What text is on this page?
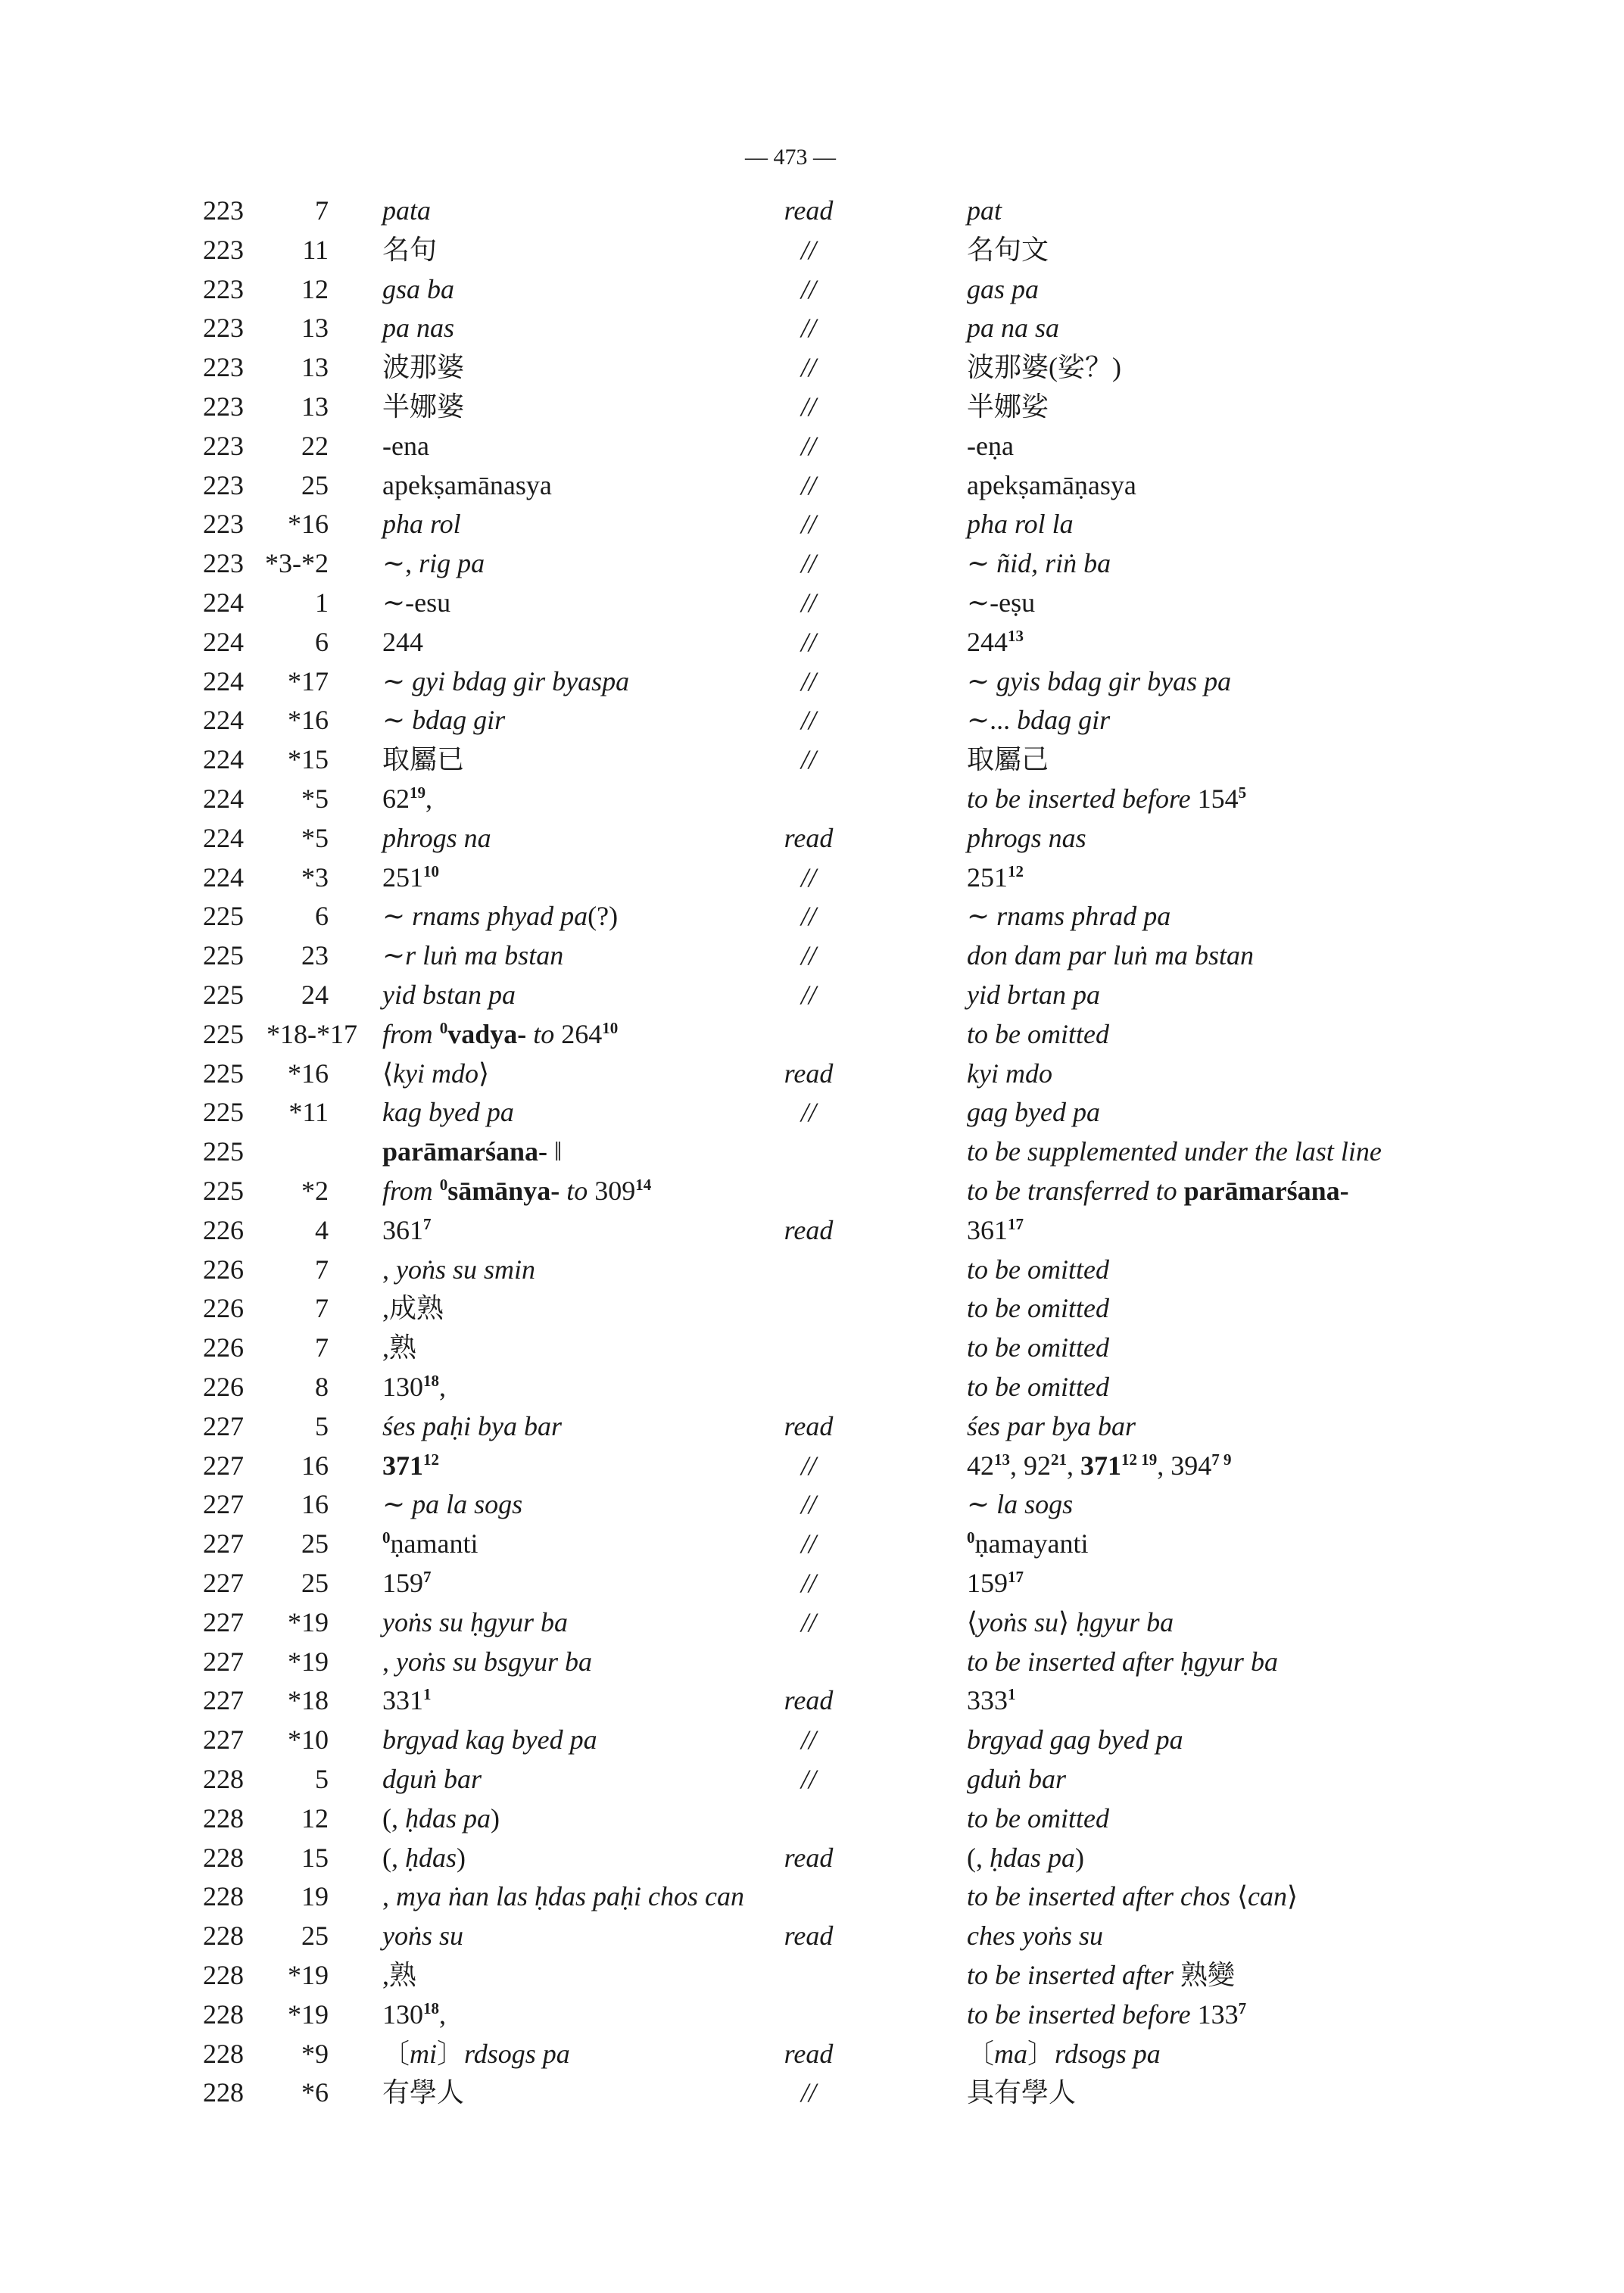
— 473 —
223	7 pata	read	pat
223 11 名句	//	名句文
223 12 gsa ba	//	gas pa
223 13 pa nas	//	pa na sa
223 13 波那婆	//	波那婆(娑？)
223 13 半娜婆	//	半娜娑
223 22 -ena	//	-eṇa
223 25 apekṣamānasya	//	apekṣamāṇasya
223 *16 pha rol	//	pha rol la
223 *3-*2 ∼, rig pa	//	∼ ñid, riṅ ba
224	1 ∼-esu	//	∼-eṣu
224	6 244	//	$244^{13}$
224 *17 ∼ gyi bdag gir byaspa	//	∼ gyis bdag gir byas pa
224 *16 ∼ bdag gir	//	∼... bdag gir
224 *15 取屬已	//	取屬己
224 *5 $62^{19}$,	to be inserted before $154^5$
224 *5 phrogs na	read	phrogs nas
224 *3 $251^{10}$	//	$251^{12}$
225	6 ∼ rnams phyad pa(?)	//	∼ rnams phrad pa
225 23 ∼r luṅ ma bstan	//	don dam par luṅ ma bstan
225 24 yid bstan pa	//	yid brtan pa
225 *18-*17 from $^0$vadya- to $264^{10}$	to be omitted
225 *16 ⟨kyi mdo⟩	read	kyi mdo
225 *11 kag byed pa	//	gag byed pa
225	parāmarśana- ‖	to be supplemented under the last line
225 *2 from $^0$sāmānya- to $309^{14}$	to be transferred to parāmarśana-
226	4 $361^7$	read	$361^{17}$
226	7 , yoṅs su smin	to be omitted
226	7 ,成熟	to be omitted
226	7 ,熟	to be omitted
226	8 $130^{18}$,	to be omitted
227	5 śes paḥi bya bar	read	śes par bya bar
227 16 $371^{12}$	//	$42^{13}$, $92^{21}$, $371^{12 19}$, $394^{7 9}$
227 16 ∼ pa la sogs	//	∼ la sogs
227 25	$^0$ṇamanti	//	$^0$ṇamayanti
227 25 $159^7$	//	$159^{17}$
227 *19 yoṅs su ḥgyur ba	//	⟨yoṅs su⟩ ḥgyur ba
227 *19 , yoṅs su bsgyur ba	to be inserted after ḥgyur ba
227 *18 $331^1$	read	$333^1$
227 *10 brgyad kag byed pa	//	brgyad gag byed pa
228	5 dguṅ bar	//	gduṅ bar
228 12 (, ḥdas pa)	to be omitted
228 15 (, ḥdas)	read	(, ḥdas pa)
228 19 , mya ṅan las ḥdas paḥi chos can	to be inserted after chos ⟨can⟩
228 25 yoṅs su	read	ches yoṅs su
228 *19 ,熟	to be inserted after 熟變
228 *19 $130^{18}$,	to be inserted before $133^7$
228 *9 〔mi〕rdsogs pa	read	〔ma〕rdsogs pa
228 *6 有學人	//	具有學人
